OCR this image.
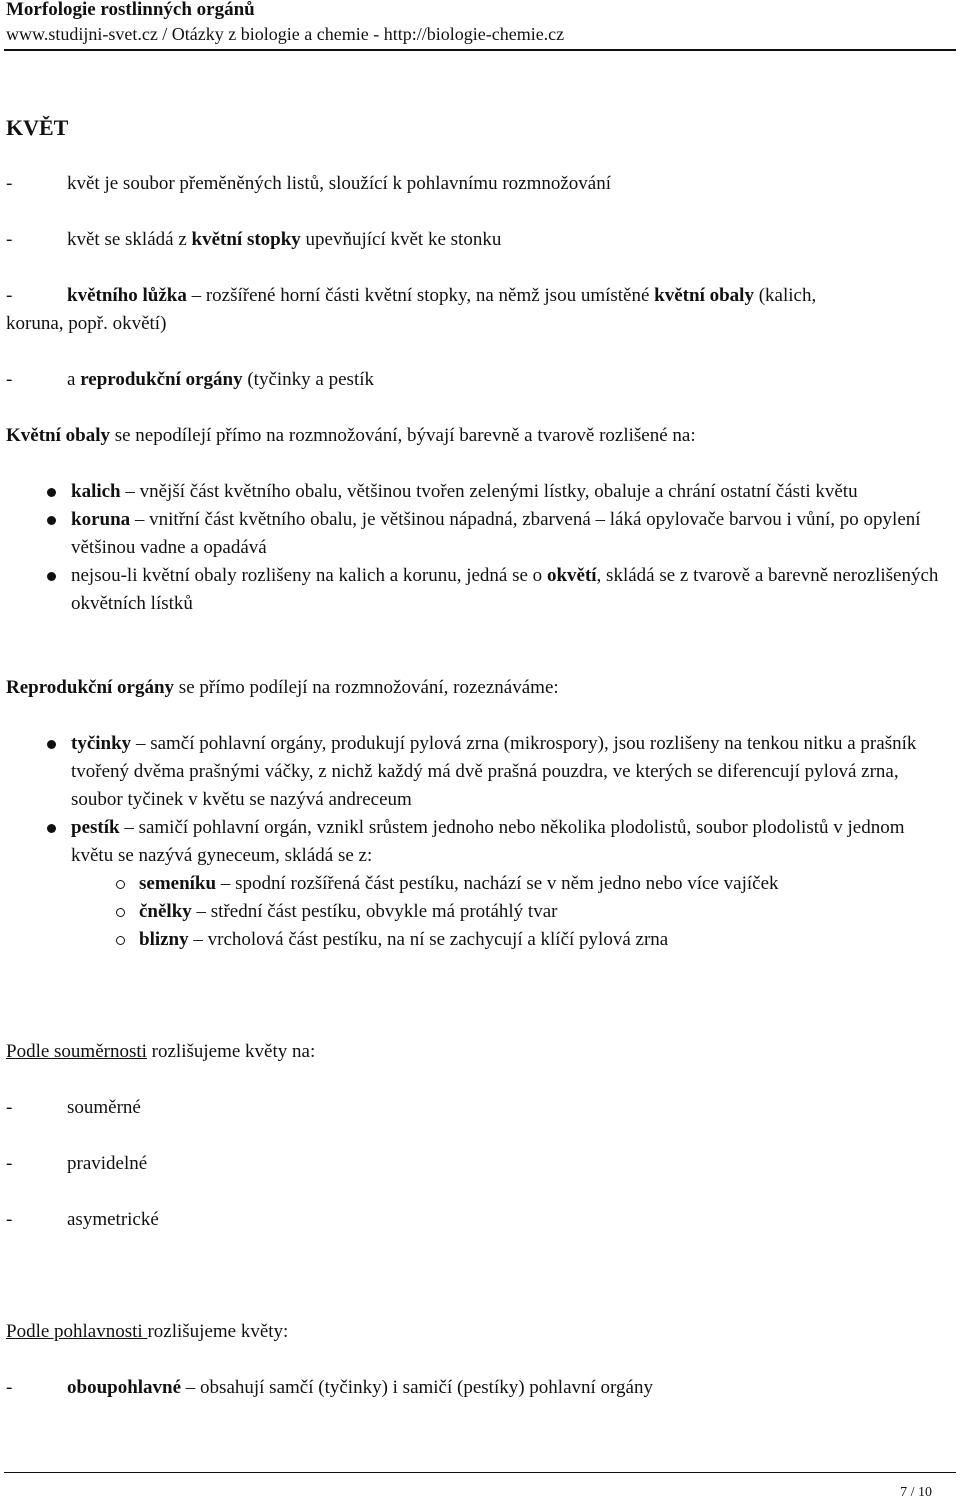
Morfologie rostlinných orgánů
www.studijni-svet.cz / Otázky z biologie a chemie - http://biologie-chemie.cz
KVĚT
-	květ je soubor přeměněných listů, sloužící k pohlavnímu rozmnožování
-	květ se skládá z květní stopky upevňující květ ke stonku
-	květního lůžka – rozšířené horní části květní stopky, na němž jsou umístěné květní obaly (kalich,
koruna, popř. okvětí)
-	a reprodukční orgány (tyčinky a pestík
Květní obaly se nepodílejí přímo na rozmnožování, bývají barevně a tvarově rozlišené na:
kalich – vnější část květního obalu, většinou tvořen zelenými lístky, obaluje a chrání ostatní části květu
koruna – vnitřní část květního obalu, je většinou nápadná, zbarvená – láká opylovače barvou i vůní, po opylení většinou vadne a opadává
nejsou-li květní obaly rozlišeny na kalich a korunu, jedná se o okvětí, skládá se z tvarově a barevně nerozlišených okvětních lístků
Reprodukční orgány se přímo podílejí na rozmnožování, rozeznáváme:
tyčinky – samčí pohlavní orgány, produkují pylová zrna (mikrospory), jsou rozlišeny na tenkou nitku a prašník tvořený dvěma prašnými váčky, z nichž každý má dvě prašná pouzdra, ve kterých se diferencují pylová zrna, soubor tyčinek v květu se nazývá andreceum
pestík – samičí pohlavní orgán, vznikl srůstem jednoho nebo několika plodolistů, soubor plodolistů v jednom květu se nazývá gyneceum, skládá se z:
semeníku – spodní rozšířená část pestíku, nachází se v něm jedno nebo více vajíček
čnělky – střední část pestíku, obvykle má protáhlý tvar
blizny – vrcholová část pestíku, na ní se zachycují a klíčí pylová zrna
Podle souměrnosti rozlišujeme květy na:
-	souměrné
-	pravidelné
-	asymetrické
Podle pohlavnosti rozlišujeme květy:
-	oboupohlavné – obsahují samčí (tyčinky) i samičí (pestíky) pohlavní orgány
7 / 10
